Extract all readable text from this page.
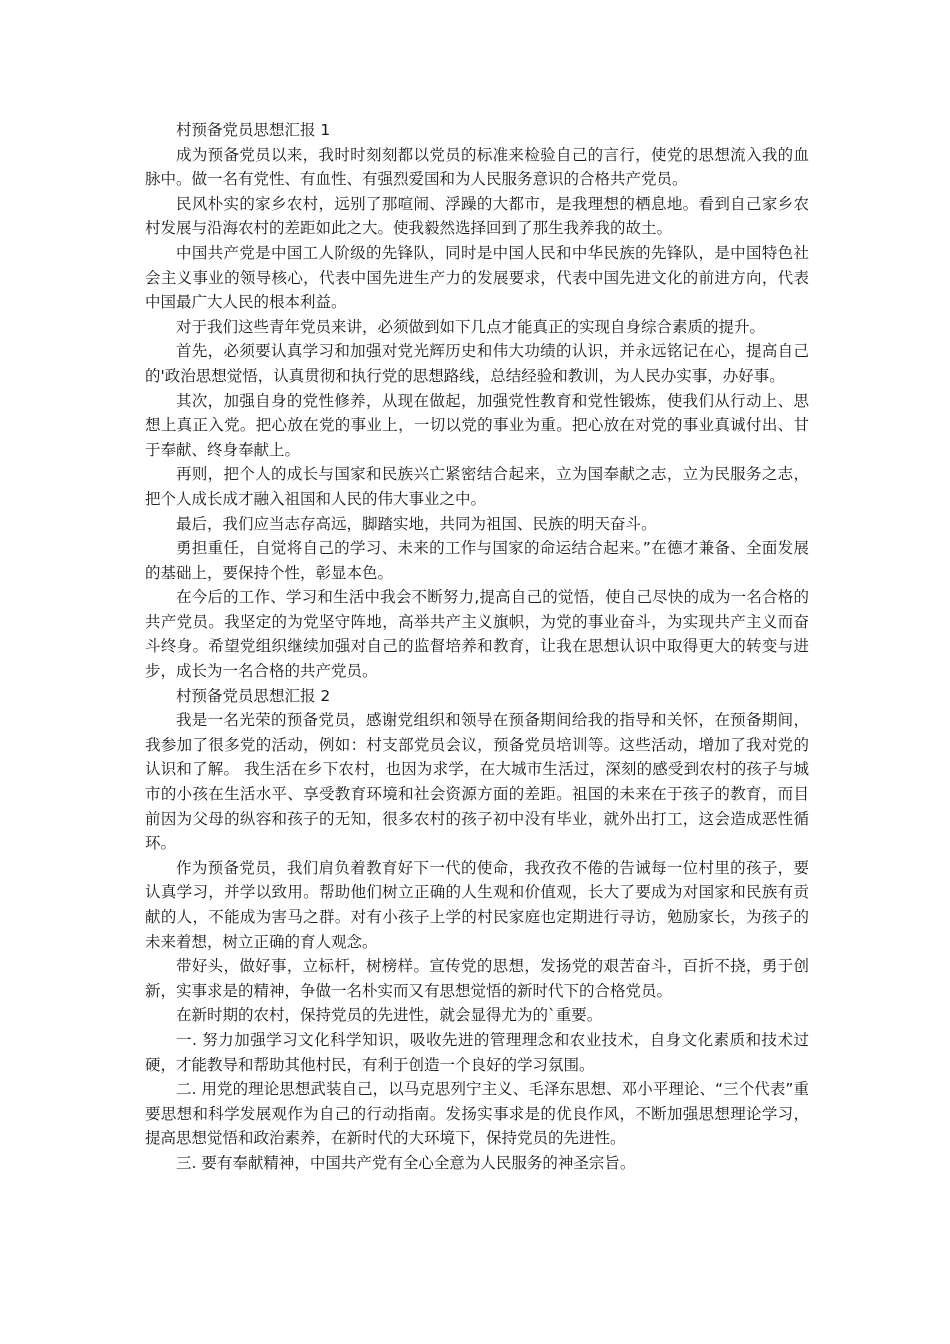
村预备党员思想汇报 1

成为预备党员以来，我时时刻刻都以党员的标准来检验自己的言行，使党的思想流入我的血脉中。做一名有党性、有血性、有强烈爱国和为人民服务意识的合格共产党员。

民风朴实的家乡农村，远别了那喧闹、浮躁的大都市，是我理想的栖息地。看到自己家乡农村发展与沿海农村的差距如此之大。使我毅然选择回到了那生我养我的故土。

中国共产党是中国工人阶级的先锋队，同时是中国人民和中华民族的先锋队，是中国特色社会主义事业的领导核心，代表中国先进生产力的发展要求，代表中国先进文化的前进方向，代表中国最广大人民的根本利益。

对于我们这些青年党员来讲，必须做到如下几点才能真正的实现自身综合素质的提升。

首先，必须要认真学习和加强对党光辉历史和伟大功绩的认识，并永远铭记在心，提高自己的'政治思想觉悟，认真贯彻和执行党的思想路线，总结经验和教训，为人民办实事，办好事。

其次，加强自身的党性修养，从现在做起，加强党性教育和党性锻炼，使我们从行动上、思想上真正入党。把心放在党的事业上，一切以党的事业为重。把心放在对党的事业真诚付出、甘于奉献、终身奉献上。

再则，把个人的成长与国家和民族兴亡紧密结合起来，立为国奉献之志，立为民服务之志，把个人成长成才融入祖国和人民的伟大事业之中。

最后，我们应当志存高远，脚踏实地，共同为祖国、民族的明天奋斗。

勇担重任，自觉将自己的学习、未来的工作与国家的命运结合起来。”在德才兼备、全面发展的基础上，要保持个性，彰显本色。

在今后的工作、学习和生活中我会不断努力,提高自己的觉悟，使自己尽快的成为一名合格的共产党员。我坚定的为党坚守阵地，高举共产主义旗帜，为党的事业奋斗，为实现共产主义而奋斗终身。希望党组织继续加强对自己的监督培养和教育，让我在思想认识中取得更大的转变与进步，成长为一名合格的共产党员。

村预备党员思想汇报 2

我是一名光荣的预备党员，感谢党组织和领导在预备期间给我的指导和关怀，在预备期间，我参加了很多党的活动，例如：村支部党员会议，预备党员培训等。这些活动，增加了我对党的认识和了解。 我生活在乡下农村，也因为求学，在大城市生活过，深刻的感受到农村的孩子与城市的小孩在生活水平、享受教育环境和社会资源方面的差距。祖国的未来在于孩子的教育，而目前因为父母的纵容和孩子的无知，很多农村的孩子初中没有毕业，就外出打工，这会造成恶性循环。

作为预备党员，我们肩负着教育好下一代的使命，我孜孜不倦的告诫每一位村里的孩子，要认真学习，并学以致用。帮助他们树立正确的人生观和价值观，长大了要成为对国家和民族有贡献的人，不能成为害马之群。对有小孩子上学的村民家庭也定期进行寻访，勉励家长，为孩子的未来着想，树立正确的育人观念。

带好头，做好事，立标杆，树榜样。宣传党的思想，发扬党的艰苦奋斗，百折不挠，勇于创新，实事求是的精神，争做一名朴实而又有思想觉悟的新时代下的合格党员。

在新时期的农村，保持党员的先进性，就会显得尤为的`重要。

一. 努力加强学习文化科学知识，吸收先进的管理理念和农业技术，自身文化素质和技术过硬，才能教导和帮助其他村民，有利于创造一个良好的学习氛围。

二. 用党的理论思想武装自己，以马克思列宁主义、毛泽东思想、邓小平理论、“三个代表”重要思想和科学发展观作为自己的行动指南。发扬实事求是的优良作风，不断加强思想理论学习，提高思想觉悟和政治素养，在新时代的大环境下，保持党员的先进性。

三. 要有奉献精神，中国共产党有全心全意为人民服务的神圣宗旨。
